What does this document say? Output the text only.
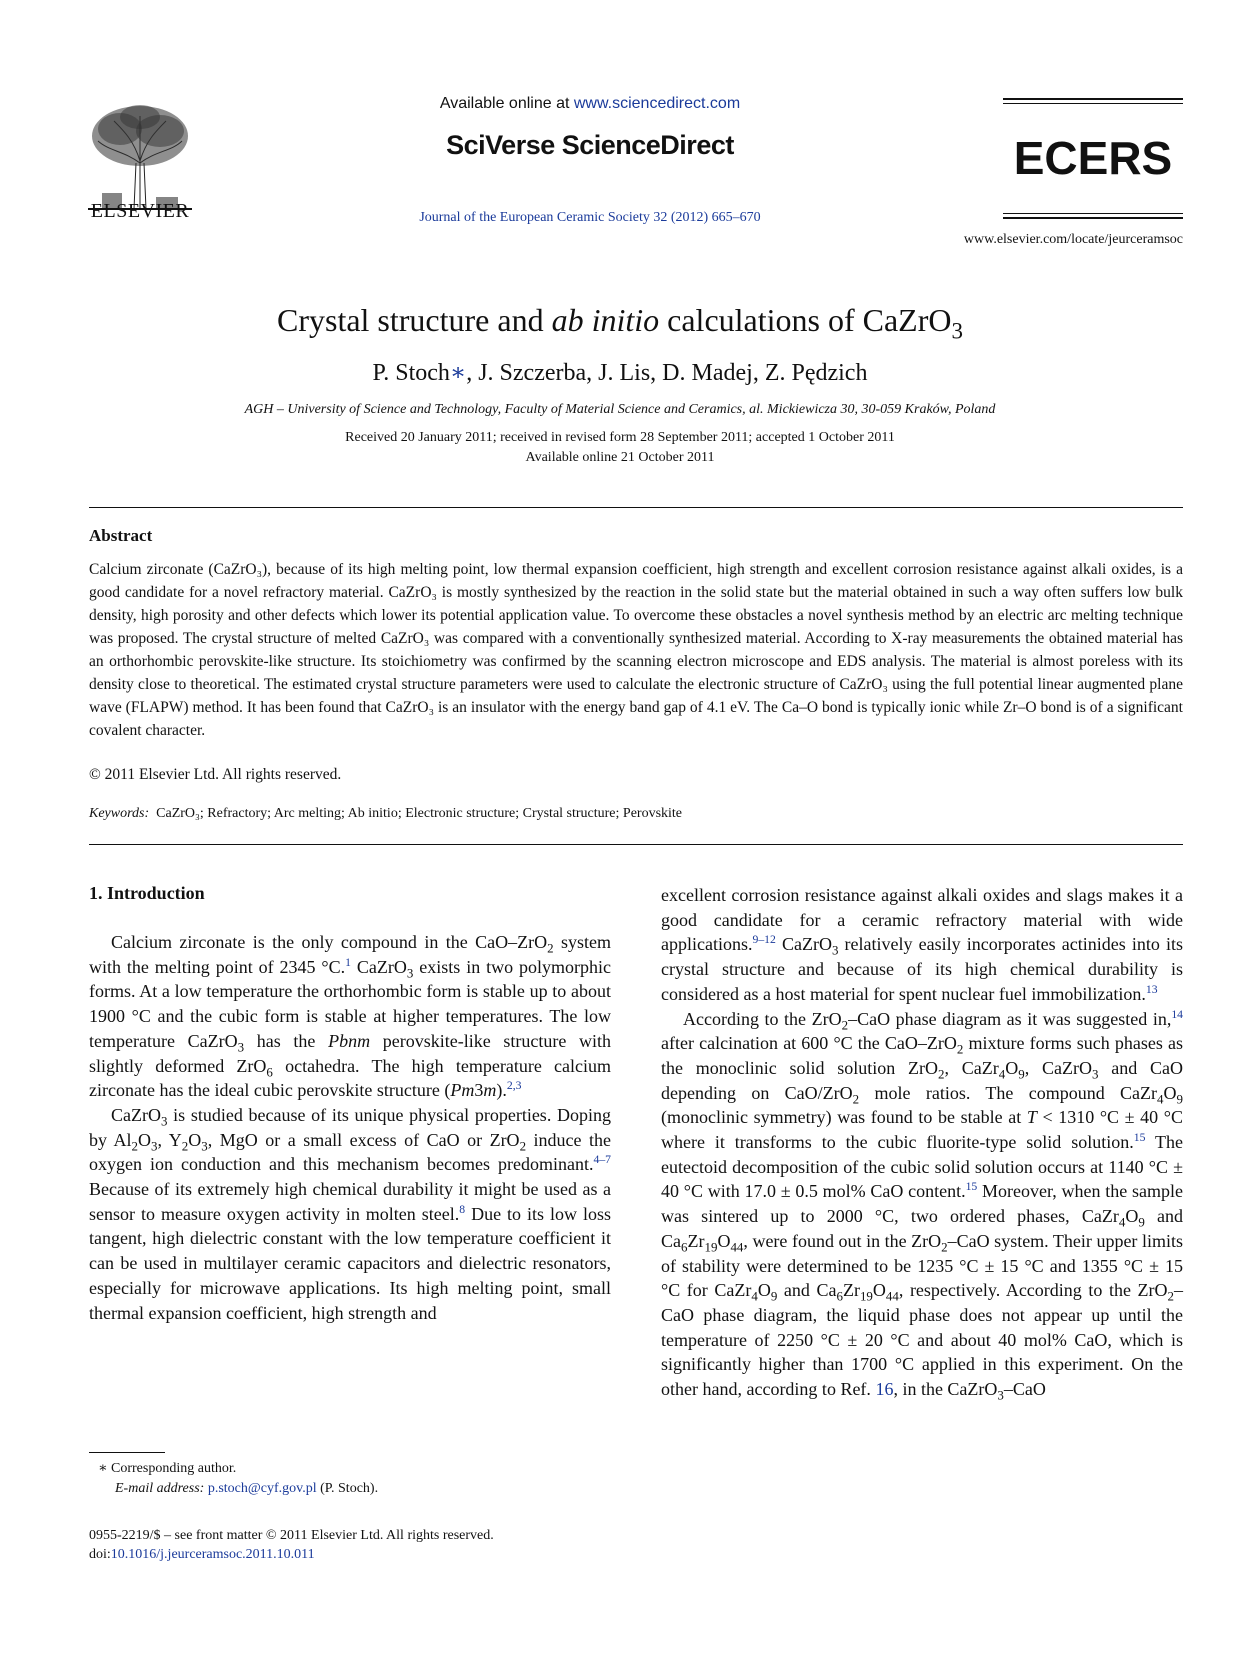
ELSEVIER
Available online at www.sciencedirect.com
SciVerse ScienceDirect
Journal of the European Ceramic Society 32 (2012) 665–670
ECERS
www.elsevier.com/locate/jeurceramsoc
Crystal structure and ab initio calculations of CaZrO$_3$
P. Stoch∗, J. Szczerba, J. Lis, D. Madej, Z. Pędzich
AGH – University of Science and Technology, Faculty of Material Science and Ceramics, al. Mickiewicza 30, 30-059 Kraków, Poland
Received 20 January 2011; received in revised form 28 September 2011; accepted 1 October 2011
Available online 21 October 2011
Abstract
Calcium zirconate (CaZrO₃), because of its high melting point, low thermal expansion coefficient, high strength and excellent corrosion resistance against alkali oxides, is a good candidate for a novel refractory material. CaZrO₃ is mostly synthesized by the reaction in the solid state but the material obtained in such a way often suffers low bulk density, high porosity and other defects which lower its potential application value. To overcome these obstacles a novel synthesis method by an electric arc melting technique was proposed. The crystal structure of melted CaZrO₃ was compared with a conventionally synthesized material. According to X-ray measurements the obtained material has an orthorhombic perovskite-like structure. Its stoichiometry was confirmed by the scanning electron microscope and EDS analysis. The material is almost poreless with its density close to theoretical. The estimated crystal structure parameters were used to calculate the electronic structure of CaZrO₃ using the full potential linear augmented plane wave (FLAPW) method. It has been found that CaZrO₃ is an insulator with the energy band gap of 4.1 eV. The Ca–O bond is typically ionic while Zr–O bond is of a significant covalent character.
© 2011 Elsevier Ltd. All rights reserved.
Keywords: CaZrO₃; Refractory; Arc melting; Ab initio; Electronic structure; Crystal structure; Perovskite
1. Introduction

Calcium zirconate is the only compound in the CaO–ZrO$_2$ system with the melting point of 2345 °C.$^1$ CaZrO$_3$ exists in two polymorphic forms. At a low temperature the orthorhombic form is stable up to about 1900 °C and the cubic form is stable at higher temperatures. The low temperature CaZrO$_3$ has the Pbnm perovskite-like structure with slightly deformed ZrO$_6$ octahedra. The high temperature calcium zirconate has the ideal cubic perovskite structure (Pm3m).$^{2,3}$

CaZrO$_3$ is studied because of its unique physical properties. Doping by $Al_2O_3$, $Y_2O_3$, MgO or a small excess of CaO or ZrO$_2$ induce the oxygen ion conduction and this mechanism becomes predominant.$^{4-7}$ Because of its extremely high chemical durability it might be used as a sensor to measure oxygen activity in molten steel.$^8$ Due to its low loss tangent, high dielectric constant with the low temperature coefficient it can be used in multilayer ceramic capacitors and dielectric resonators, especially for microwave applications. Its high melting point, small thermal expansion coefficient, high strength and

excellent corrosion resistance against alkali oxides and slags makes it a good candidate for a ceramic refractory material with wide applications.$^{9-12}$ CaZrO$_3$ relatively easily incorporates actinides into its crystal structure and because of its high chemical durability is considered as a host material for spent nuclear fuel immobilization.$^{13}$

According to the ZrO$_2$–CaO phase diagram as it was suggested in,$^{14}$ after calcination at 600 °C the CaO–ZrO$_2$ mixture forms such phases as the monoclinic solid solution ZrO$_2$, $CaZr_4O_9$, CaZrO$_3$ and CaO depending on CaO/ZrO$_2$ mole ratios. The compound $CaZr_4O_9$ (monoclinic symmetry) was found to be stable at T < 1310 °C ± 40 °C where it transforms to the cubic fluorite-type solid solution.$^{15}$ The eutectoid decomposition of the cubic solid solution occurs at 1140 °C ± 40 °C with 17.0 ± 0.5 mol% CaO content.$^{15}$ Moreover, when the sample was sintered up to 2000 °C, two ordered phases, $CaZr_4O_9$ and $Ca_6Zr_{19}O_{44}$, were found out in the ZrO$_2$–CaO system. Their upper limits of stability were determined to be 1235 °C ± 15 °C and 1355 °C ± 15 °C for $CaZr_4O_9$ and $Ca_6Zr_{19}O_{44}$, respectively. According to the ZrO$_2$–CaO phase diagram, the liquid phase does not appear up until the temperature of 2250 °C ± 20 °C and about 40 mol% CaO, which is significantly higher than 1700 °C applied in this experiment. On the other hand, according to Ref. 16, in the CaZrO$_3$–CaO

∗ Corresponding author.
E-mail address: p.stoch@cyf.gov.pl (P. Stoch).
0955-2219/$ – see front matter © 2011 Elsevier Ltd. All rights reserved.
doi:10.1016/j.jeurceramsoc.2011.10.011
